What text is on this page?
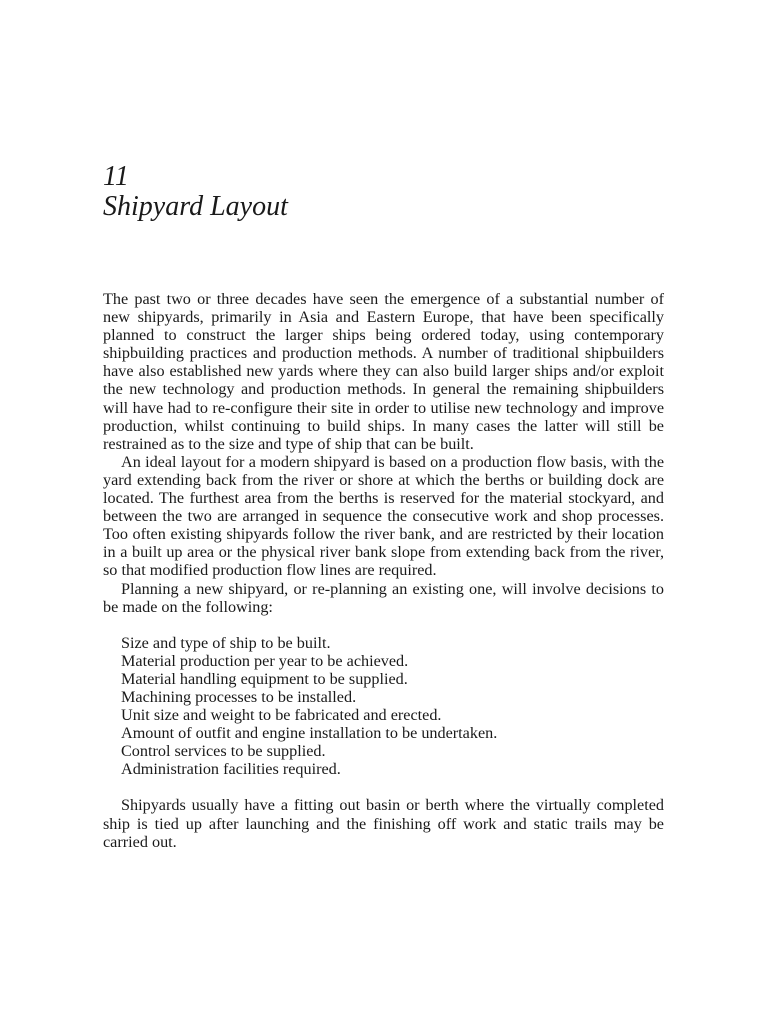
11
Shipyard Layout

The past two or three decades have seen the emergence of a substantial number of new shipyards, primarily in Asia and Eastern Europe, that have been specifically planned to construct the larger ships being ordered today, using contemporary shipbuilding practices and production methods. A number of traditional shipbuilders have also established new yards where they can also build larger ships and/or exploit the new technology and production methods. In general the remaining shipbuilders will have had to re-configure their site in order to utilise new technology and improve production, whilst continuing to build ships. In many cases the latter will still be restrained as to the size and type of ship that can be built.

An ideal layout for a modern shipyard is based on a production flow basis, with the yard extending back from the river or shore at which the berths or building dock are located. The furthest area from the berths is reserved for the material stockyard, and between the two are arranged in sequence the consecutive work and shop processes. Too often existing shipyards follow the river bank, and are restricted by their location in a built up area or the physical river bank slope from extending back from the river, so that modified production flow lines are required.

Planning a new shipyard, or re-planning an existing one, will involve decisions to be made on the following:

Size and type of ship to be built.
Material production per year to be achieved.
Material handling equipment to be supplied.
Machining processes to be installed.
Unit size and weight to be fabricated and erected.
Amount of outfit and engine installation to be undertaken.
Control services to be supplied.
Administration facilities required.

Shipyards usually have a fitting out basin or berth where the virtually completed ship is tied up after launching and the finishing off work and static trails may be carried out.
